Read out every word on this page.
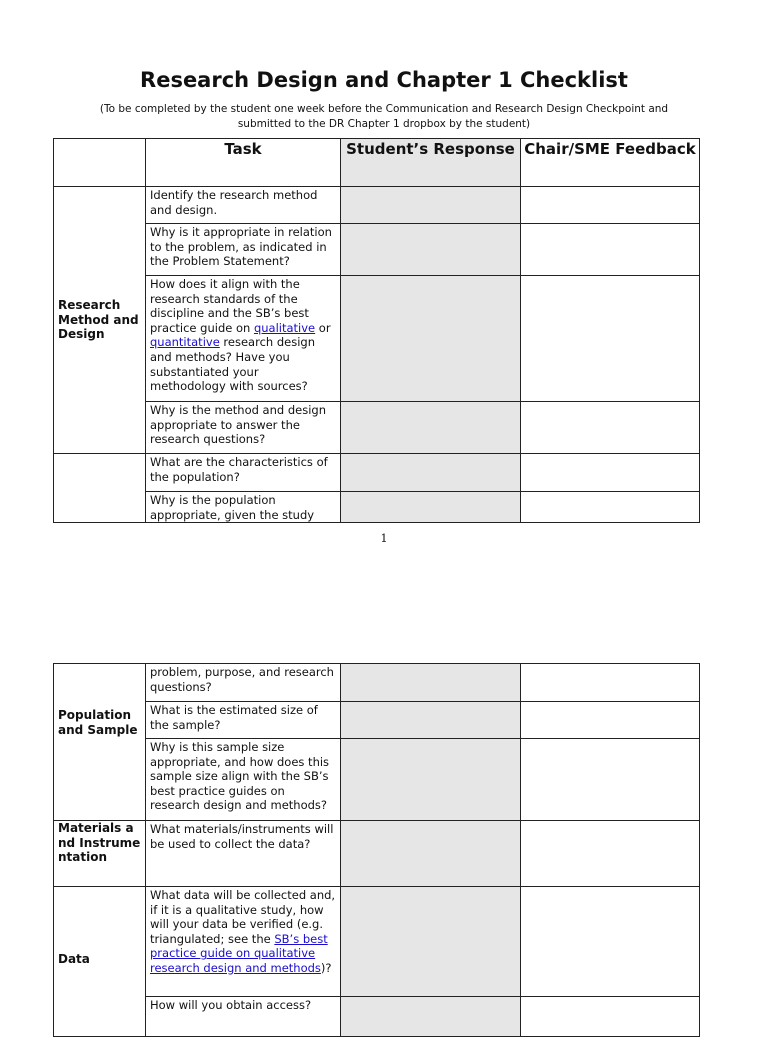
Research Design and Chapter 1 Checklist
(To be completed by the student one week before the Communication and Research Design Checkpoint and submitted to the DR Chapter 1 dropbox by the student)
	Task	Student’s Response	Chair/SME Feedback
Research Method and Design	Identify the research method and design.		
	Why is it appropriate in relation to the problem, as indicated in the Problem Statement?		
	How does it align with the research standards of the discipline and the SB’s best practice guide on qualitative or quantitative research design and methods? Have you substantiated your methodology with sources?		
	Why is the method and design appropriate to answer the research questions?		
	What are the characteristics of the population?		
	Why is the population appropriate, given the study		
1
Population and Sample	problem, purpose, and research questions?		
	What is the estimated size of the sample?		
	Why is this sample size appropriate, and how does this sample size align with the SB’s best practice guides on research design and methods?		
Materials and Instrumentation	What materials/instruments will be used to collect the data?		
Data	What data will be collected and, if it is a qualitative study, how will your data be verified (e.g. triangulated; see the SB’s best practice guide on qualitative research design and methods)?		
	How will you obtain access?		
